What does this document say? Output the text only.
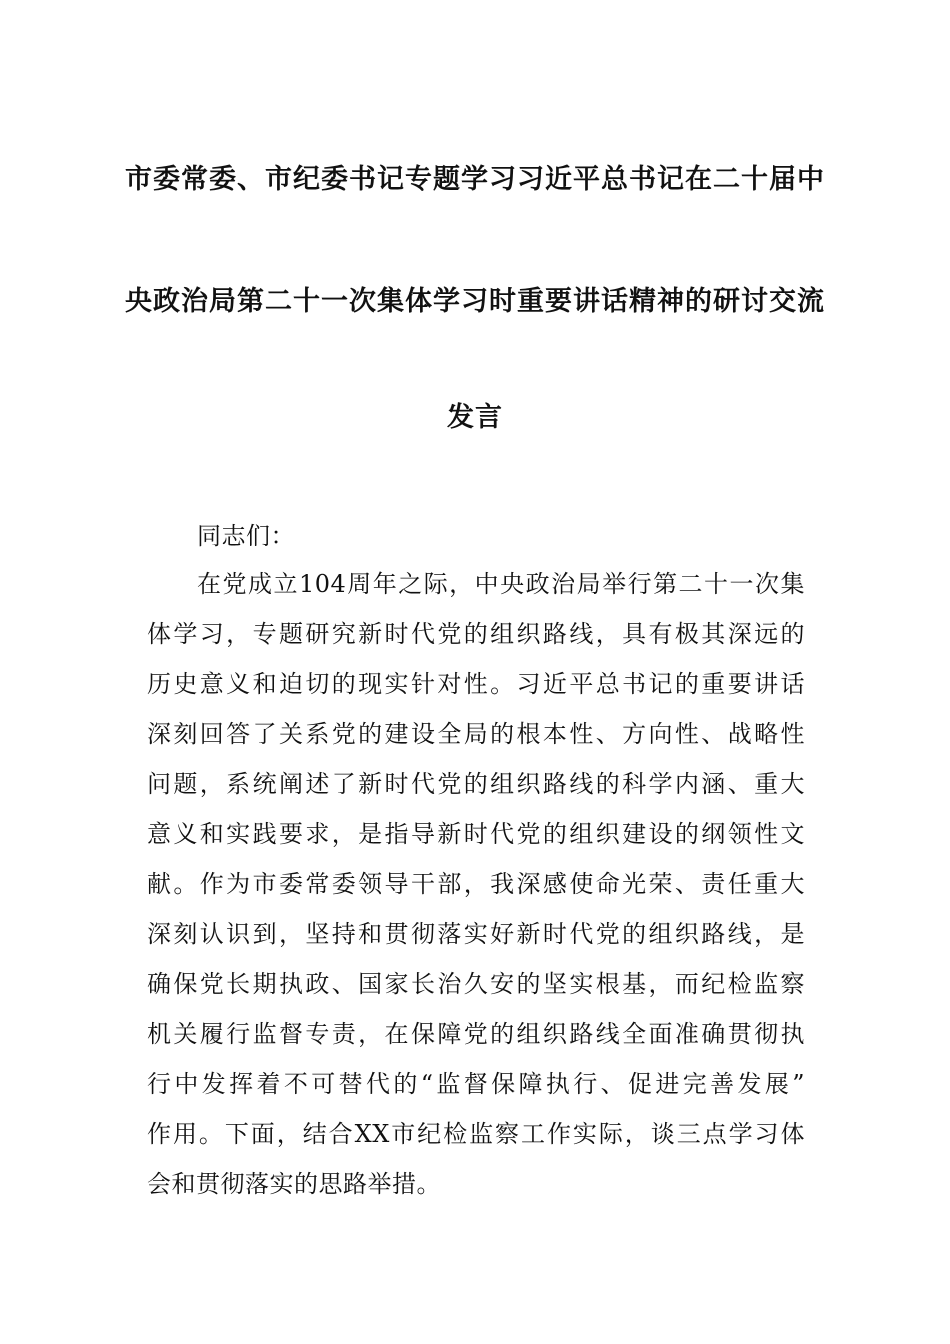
市委常委、市纪委书记专题学习习近平总书记在二十届中
央政治局第二十一次集体学习时重要讲话精神的研讨交流
发言
同志们：
在党成立104周年之际，中央政治局举行第二十一次集
体学习，专题研究新时代党的组织路线，具有极其深远的
历史意义和迫切的现实针对性。习近平总书记的重要讲话
深刻回答了关系党的建设全局的根本性、方向性、战略性
问题，系统阐述了新时代党的组织路线的科学内涵、重大
意义和实践要求，是指导新时代党的组织建设的纲领性文
献。作为市委常委领导干部，我深感使命光荣、责任重大
深刻认识到，坚持和贯彻落实好新时代党的组织路线，是
确保党长期执政、国家长治久安的坚实根基，而纪检监察
机关履行监督专责，在保障党的组织路线全面准确贯彻执
行中发挥着不可替代的“监督保障执行、促进完善发展”
作用。下面，结合XX市纪检监察工作实际，谈三点学习体
会和贯彻落实的思路举措。
